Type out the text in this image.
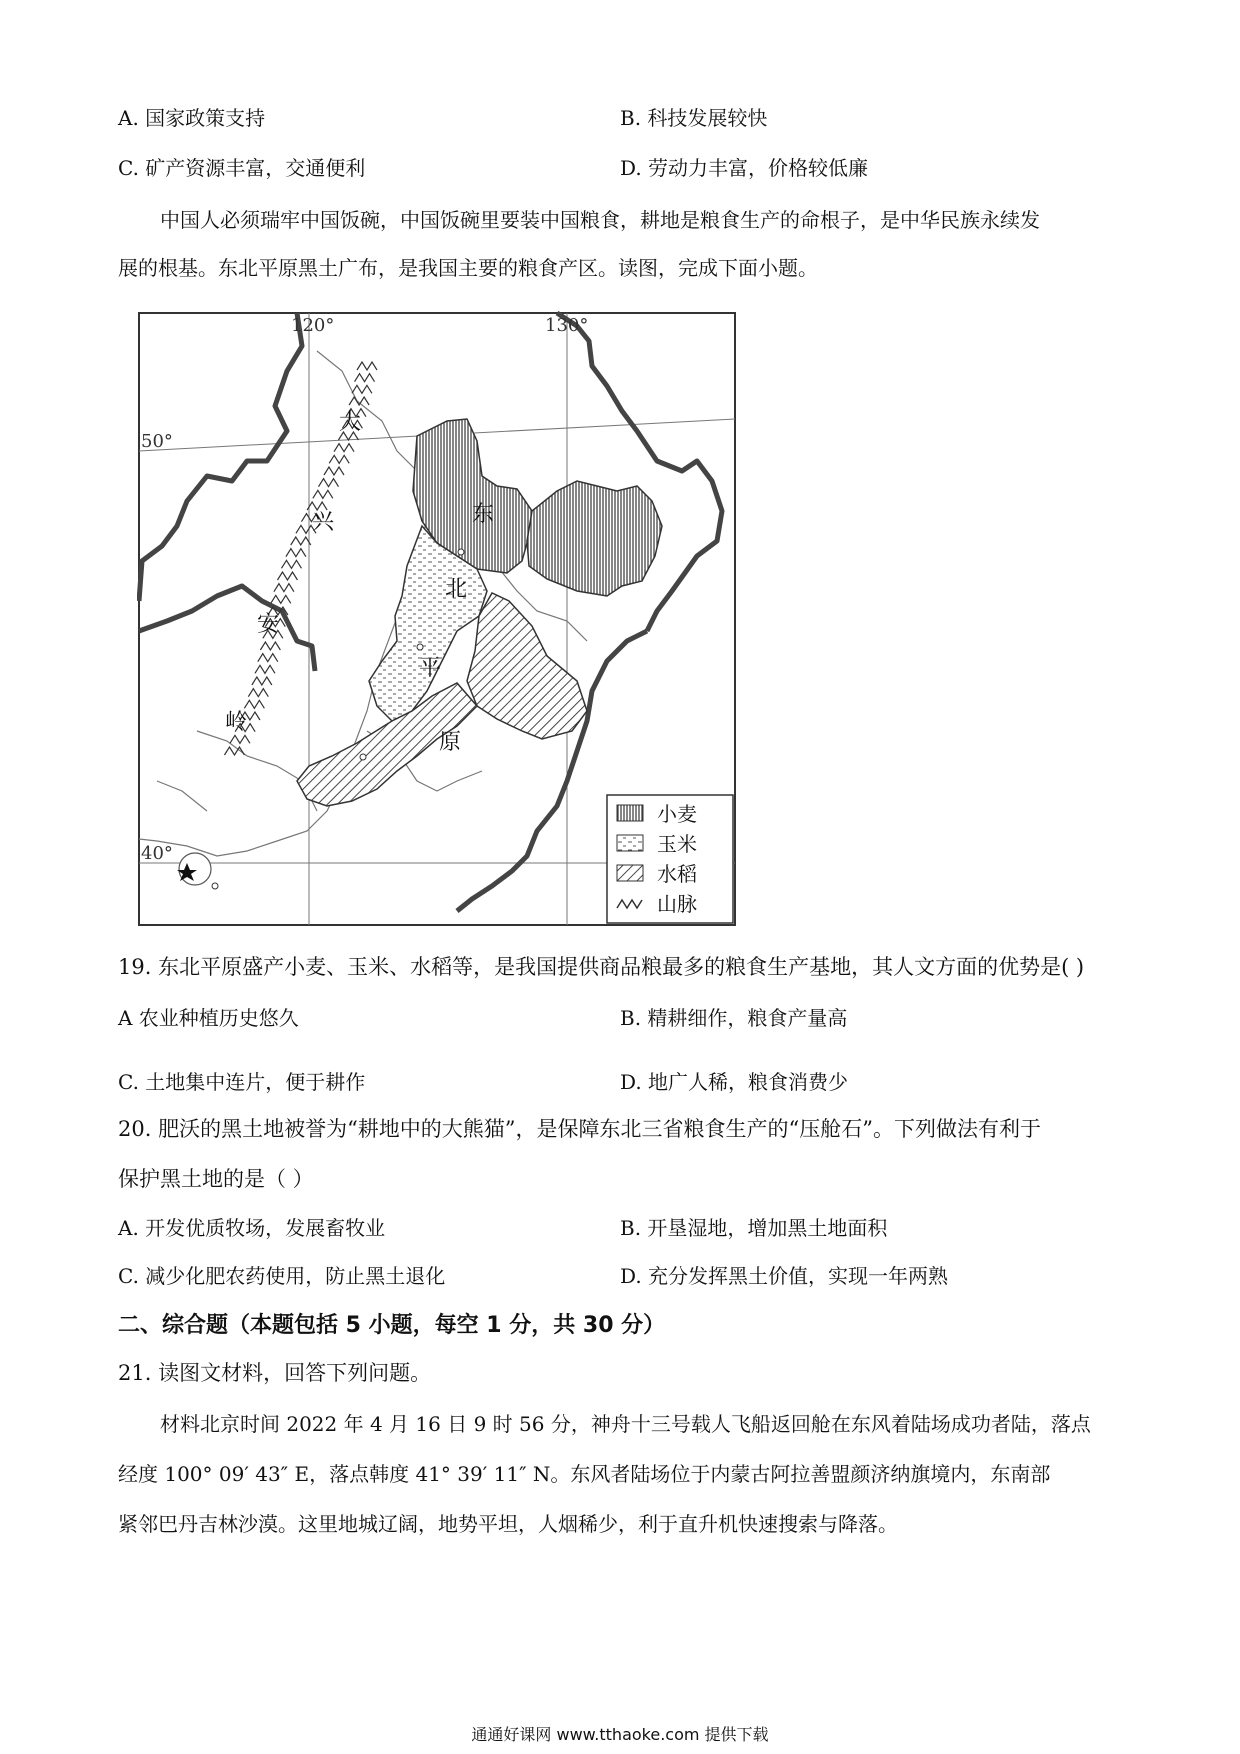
A. 国家政策支持	B. 科技发展较快
C. 矿产资源丰富，交通便利	D. 劳动力丰富，价格较低廉
中国人必须瑞牢中国饭碗，中国饭碗里要装中国粮食，耕地是粮食生产的命根子，是中华民族永续发
展的根基。东北平原黑土广布，是我国主要的粮食产区。读图，完成下面小题。
120°	130°
50°
40°
大
兴
安
岭
东
北
平
原
小麦
玉米
水稻
山脉
19. 东北平原盛产小麦、玉米、水稻等，是我国提供商品粮最多的粮食生产基地，其人文方面的优势是( )
A 农业种植历史悠久	B. 精耕细作，粮食产量高
C. 土地集中连片，便于耕作	D. 地广人稀，粮食消费少
20. 肥沃的黑土地被誉为“耕地中的大熊猫”，是保障东北三省粮食生产的“压舱石”。下列做法有利于
保护黑土地的是（ ）
A. 开发优质牧场，发展畜牧业	B. 开垦湿地，增加黑土地面积
C. 减少化肥农药使用，防止黑土退化	D. 充分发挥黑土价值，实现一年两熟
二、综合题（本题包括 5 小题，每空 1 分，共 30 分）
21. 读图文材料，回答下列问题。
材料北京时间 2022 年 4 月 16 日 9 时 56 分，神舟十三号载人飞船返回舱在东风着陆场成功者陆，落点
经度 100° 09′ 43″ E，落点韩度 41° 39′ 11″ N。东风者陆场位于内蒙古阿拉善盟颜济纳旗境内，东南部
紧邻巴丹吉林沙漠。这里地城辽阔，地势平坦，人烟稀少，利于直升机快速搜索与降落。
通通好课网 www.tthaoke.com 提供下载
